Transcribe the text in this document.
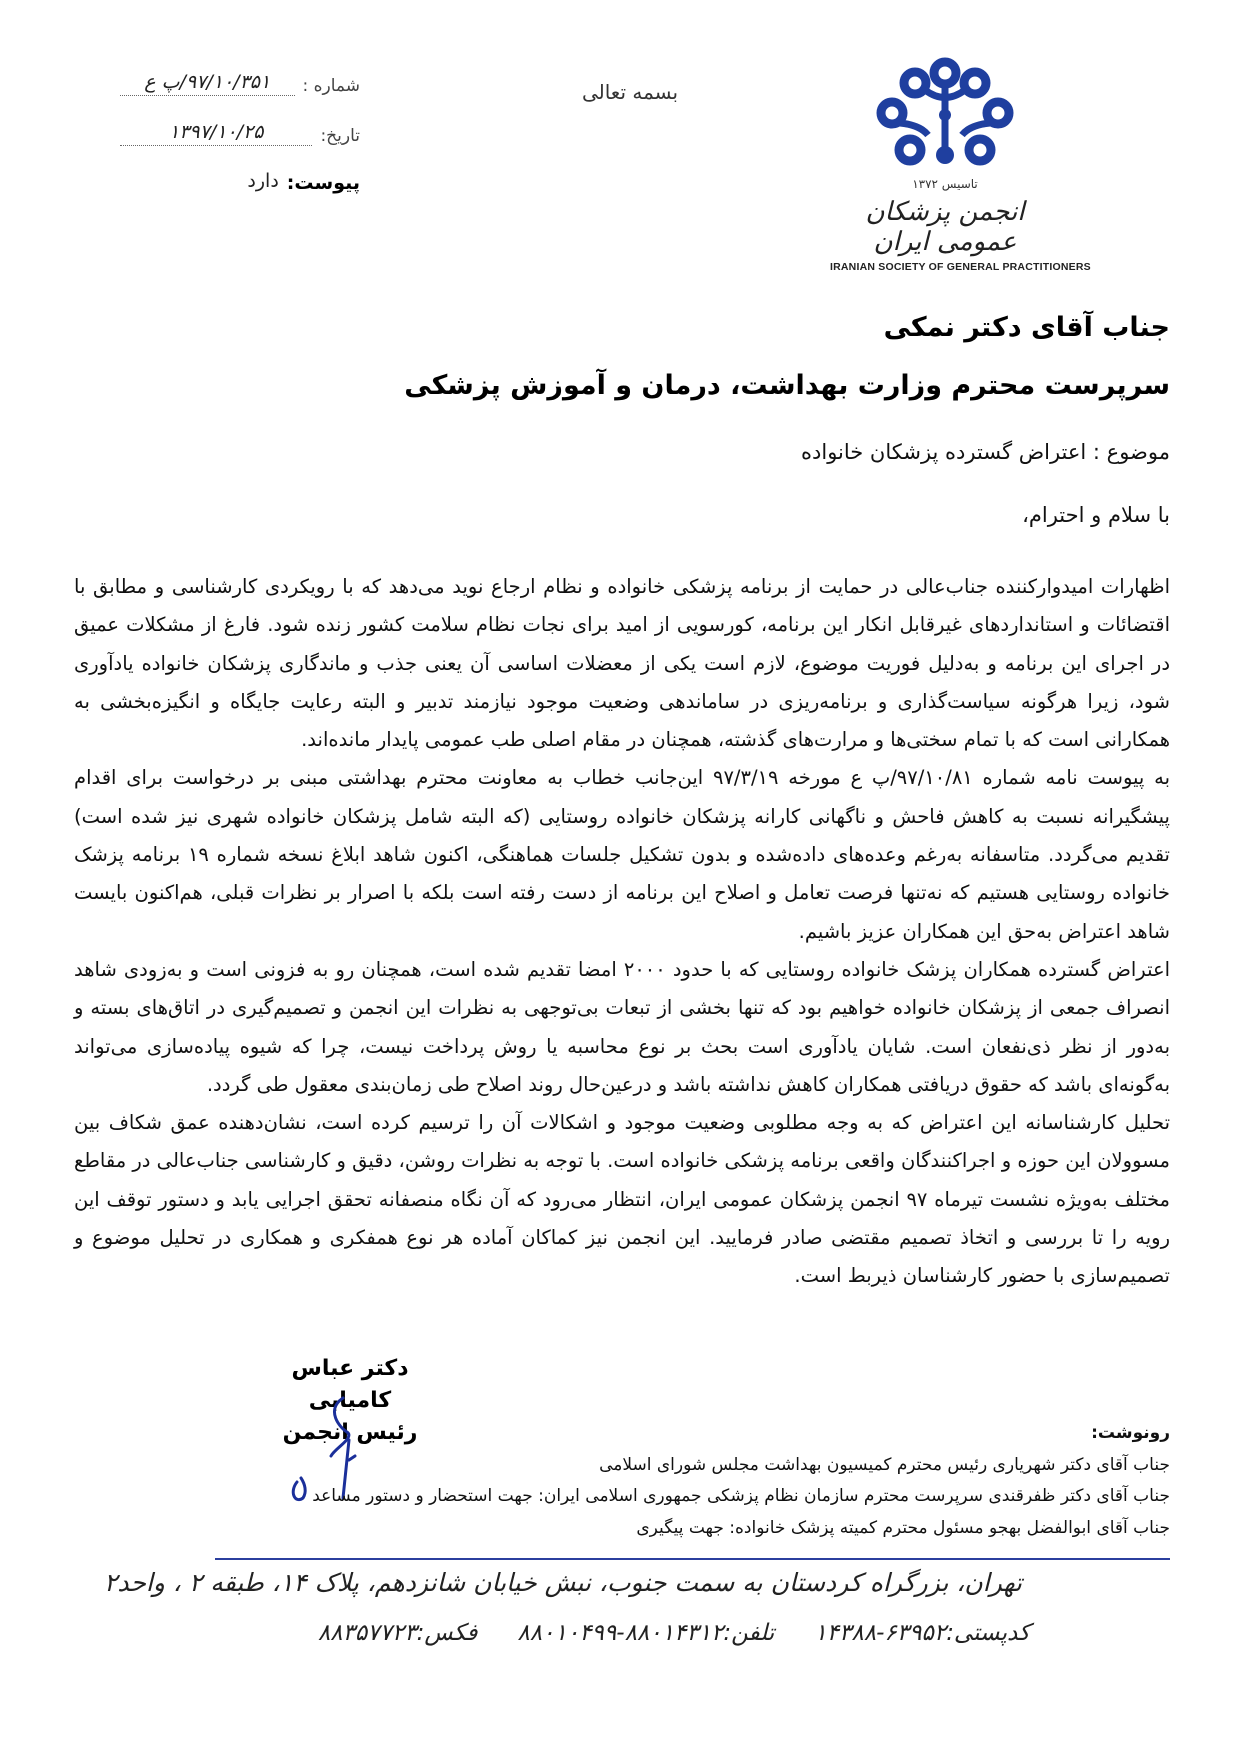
تاسیس ۱۳۷۲
انجمن پزشکان عمومی ایران
IRANIAN SOCIETY OF GENERAL PRACTITIONERS
بسمه تعالی
شماره :
۹۷/۱۰/۳۵۱/پ ع
تاریخ:
۱۳۹۷/۱۰/۲۵
پیوست:
دارد
جناب آقای دکتر نمکی
سرپرست محترم وزارت بهداشت، درمان و آموزش پزشکی
موضوع : اعتراض گسترده پزشکان خانواده
با سلام و احترام،

اظهارات امیدوارکننده جناب‌عالی در حمایت از برنامه پزشکی خانواده و نظام ارجاع نوید می‌دهد که با رویکردی کارشناسی و مطابق با اقتضائات و استانداردهای غیرقابل انکار این برنامه، کورسویی از امید برای نجات نظام سلامت کشور زنده شود. فارغ از مشکلات عمیق در اجرای این برنامه و به‌دلیل فوریت موضوع، لازم است یکی از معضلات اساسی آن یعنی جذب و ماندگاری پزشکان خانواده یادآوری شود، زیرا هرگونه سیاست‌گذاری و برنامه‌ریزی در ساماندهی وضعیت موجود نیازمند تدبیر و البته رعایت جایگاه و انگیزه‌بخشی به همکارانی است که با تمام سختی‌ها و مرارت‌های گذشته، همچنان در مقام اصلی طب عمومی پایدار مانده‌اند.

به پیوست نامه شماره ۹۷/۱۰/۸۱/پ ع مورخه ۹۷/۳/۱۹ این‌جانب خطاب به معاونت محترم بهداشتی مبنی بر درخواست برای اقدام پیشگیرانه نسبت به کاهش فاحش و ناگهانی کارانه پزشکان خانواده روستایی (که البته شامل پزشکان خانواده شهری نیز شده است) تقدیم می‌گردد. متاسفانه به‌رغم وعده‌های داده‌شده و بدون تشکیل جلسات هماهنگی، اکنون شاهد ابلاغ نسخه شماره ۱۹ برنامه پزشک خانواده روستایی هستیم که نه‌تنها فرصت تعامل و اصلاح این برنامه از دست رفته است بلکه با اصرار بر نظرات قبلی، هم‌اکنون بایست شاهد اعتراض به‌حق این همکاران عزیز باشیم.

اعتراض گسترده همکاران پزشک خانواده روستایی که با حدود ۲۰۰۰ امضا تقدیم شده است، همچنان رو به فزونی است و به‌زودی شاهد انصراف جمعی از پزشکان خانواده خواهیم بود که تنها بخشی از تبعات بی‌توجهی به نظرات این انجمن و تصمیم‌گیری در اتاق‌های بسته و به‌دور از نظر ذی‌نفعان است. شایان یادآوری است بحث بر نوع محاسبه یا روش پرداخت نیست، چرا که شیوه پیاده‌سازی می‌تواند به‌گونه‌ای باشد که حقوق دریافتی همکاران کاهش نداشته باشد و درعین‌حال روند اصلاح طی زمان‌بندی معقول طی گردد.

تحلیل کارشناسانه این اعتراض که به وجه مطلوبی وضعیت موجود و اشکالات آن را ترسیم کرده است، نشان‌دهنده عمق شکاف بین مسوولان این حوزه و اجراکنندگان واقعی برنامه پزشکی خانواده است. با توجه به نظرات روشن، دقیق و کارشناسی جناب‌عالی در مقاطع مختلف به‌ویژه نشست تیرماه ۹۷ انجمن پزشکان عمومی ایران، انتظار می‌رود که آن نگاه منصفانه تحقق اجرایی یابد و دستور توقف این رویه را تا بررسی و اتخاذ تصمیم مقتضی صادر فرمایید. این انجمن نیز کماکان آماده هر نوع همفکری و همکاری در تحلیل موضوع و تصمیم‌سازی با حضور کارشناسان ذیربط است.

دکتر عباس کامیابی
رئیس انجمن	رونوشت:
جناب آقای دکتر شهریاری رئیس محترم کمیسیون بهداشت مجلس شورای اسلامی
جناب آقای دکتر ظفرقندی سرپرست محترم سازمان نظام پزشکی جمهوری اسلامی ایران: جهت استحضار و دستور مساعد
جناب آقای ابوالفضل بهجو مسئول محترم کمیته پزشک خانواده: جهت پیگیری
تهران، بزرگراه کردستان به سمت جنوب، نبش خیابان شانزدهم، پلاک ۱۴، طبقه ۲ ، واحد۲
کدپستی:۶۳۹۵۲-۱۴۳۸۸
تلفن:۸۸۰۱۴۳۱۲-۸۸۰۱۰۴۹۹
فکس:۸۸۳۵۷۷۲۳
